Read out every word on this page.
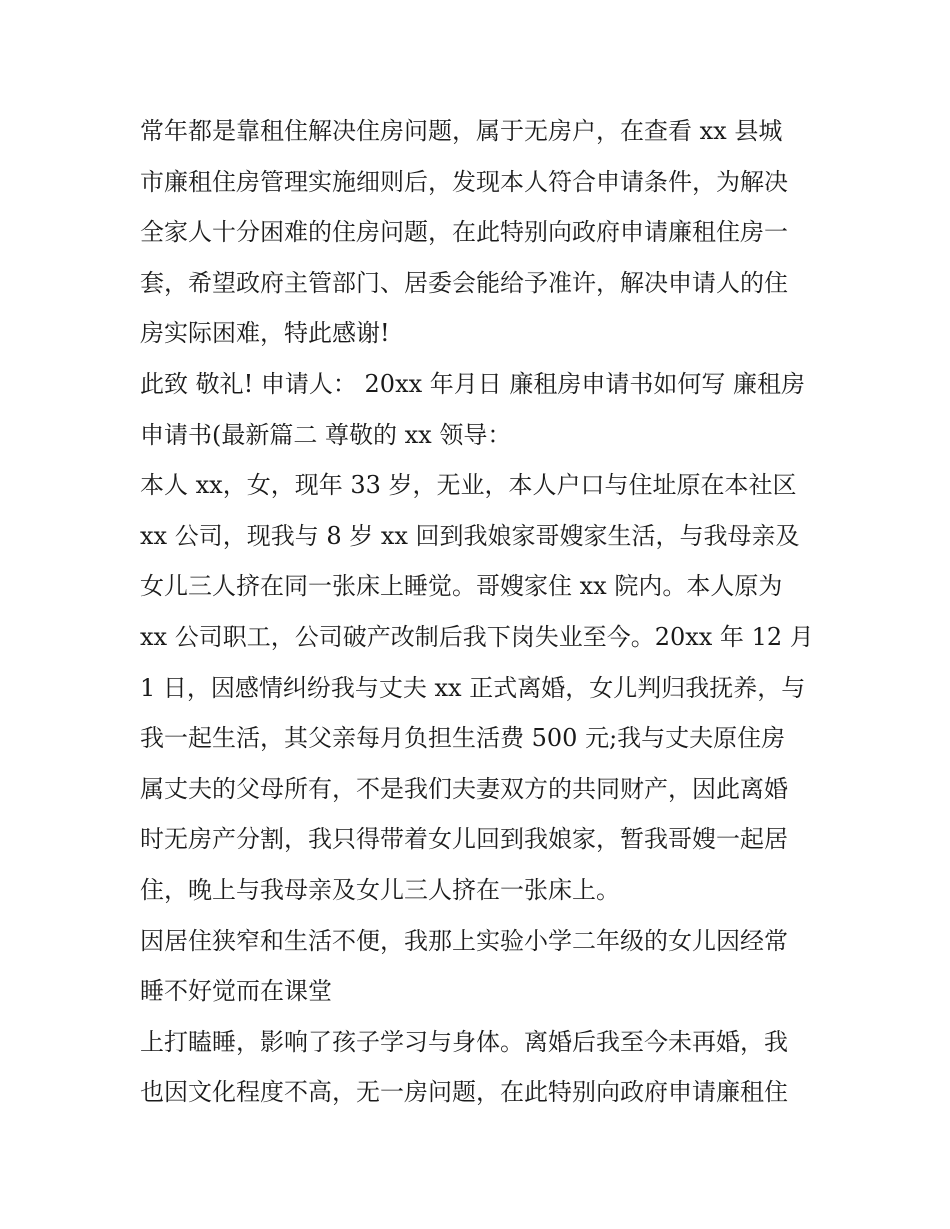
常年都是靠租住解决住房问题，属于无房户，在查看 xx 县城
市廉租住房管理实施细则后，发现本人符合申请条件，为解决
全家人十分困难的住房问题，在此特别向政府申请廉租住房一
套，希望政府主管部门、居委会能给予准许，解决申请人的住
房实际困难，特此感谢!
此致 敬礼! 申请人： 20xx 年月日 廉租房申请书如何写 廉租房
申请书(最新篇二 尊敬的 xx 领导：
本人 xx，女，现年 33 岁，无业，本人户口与住址原在本社区
xx 公司，现我与 8 岁 xx 回到我娘家哥嫂家生活，与我母亲及
女儿三人挤在同一张床上睡觉。哥嫂家住 xx 院内。本人原为
xx 公司职工，公司破产改制后我下岗失业至今。20xx 年 12 月
1 日，因感情纠纷我与丈夫 xx 正式离婚，女儿判归我抚养，与
我一起生活，其父亲每月负担生活费 500 元;我与丈夫原住房
属丈夫的父母所有，不是我们夫妻双方的共同财产，因此离婚
时无房产分割，我只得带着女儿回到我娘家，暂我哥嫂一起居
住，晚上与我母亲及女儿三人挤在一张床上。
因居住狭窄和生活不便，我那上实验小学二年级的女儿因经常
睡不好觉而在课堂
上打瞌睡，影响了孩子学习与身体。离婚后我至今未再婚，我
也因文化程度不高，无一房问题，在此特别向政府申请廉租住
